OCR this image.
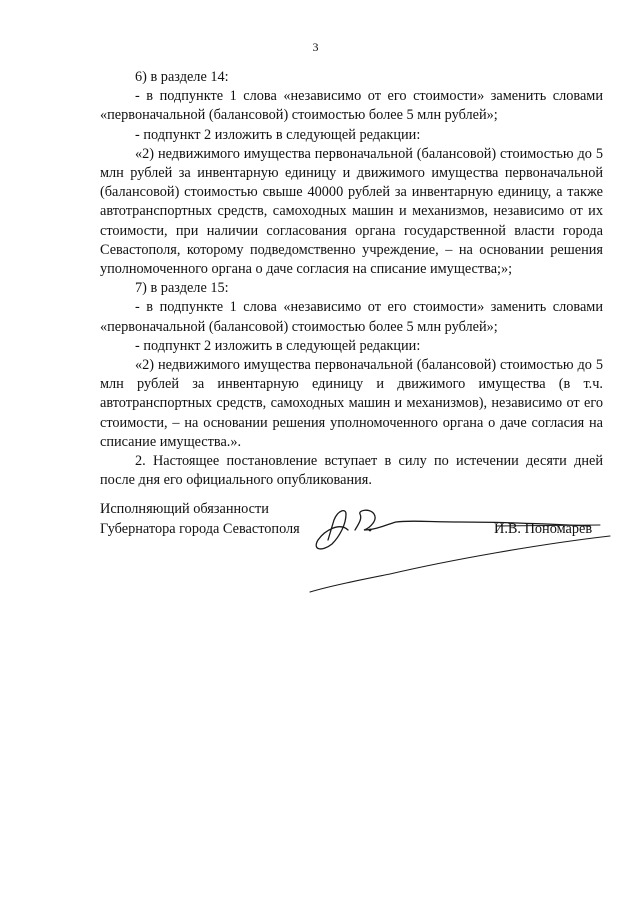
3

6) в разделе 14:

- в подпункте 1 слова «независимо от его стоимости» заменить словами «первоначальной (балансовой) стоимостью более 5 млн рублей»;

- подпункт 2 изложить в следующей редакции:

«2) недвижимого имущества первоначальной (балансовой) стоимостью до 5 млн рублей за инвентарную единицу и движимого имущества первоначальной (балансовой) стоимостью свыше 40000 рублей за инвентарную единицу, а также автотранспортных средств, самоходных машин и механизмов, независимо от их стоимости, при наличии согласования органа государственной власти города Севастополя, которому подведомственно учреждение, – на основании решения уполномоченного органа о даче согласия на списание имущества;»;

7) в разделе 15:

- в подпункте 1 слова «независимо от его стоимости» заменить словами «первоначальной (балансовой) стоимостью более 5 млн рублей»;

- подпункт 2 изложить в следующей редакции:

«2) недвижимого имущества первоначальной (балансовой) стоимостью до 5 млн рублей за инвентарную единицу и движимого имущества (в т.ч. автотранспортных средств, самоходных машин и механизмов), независимо от его стоимости, – на основании решения уполномоченного органа о даче согласия на списание имущества.».

2. Настоящее постановление вступает в силу по истечении десяти дней после дня его официального опубликования.

Исполняющий обязанности
Губернатора города Севастополя	И.В. Пономарев
